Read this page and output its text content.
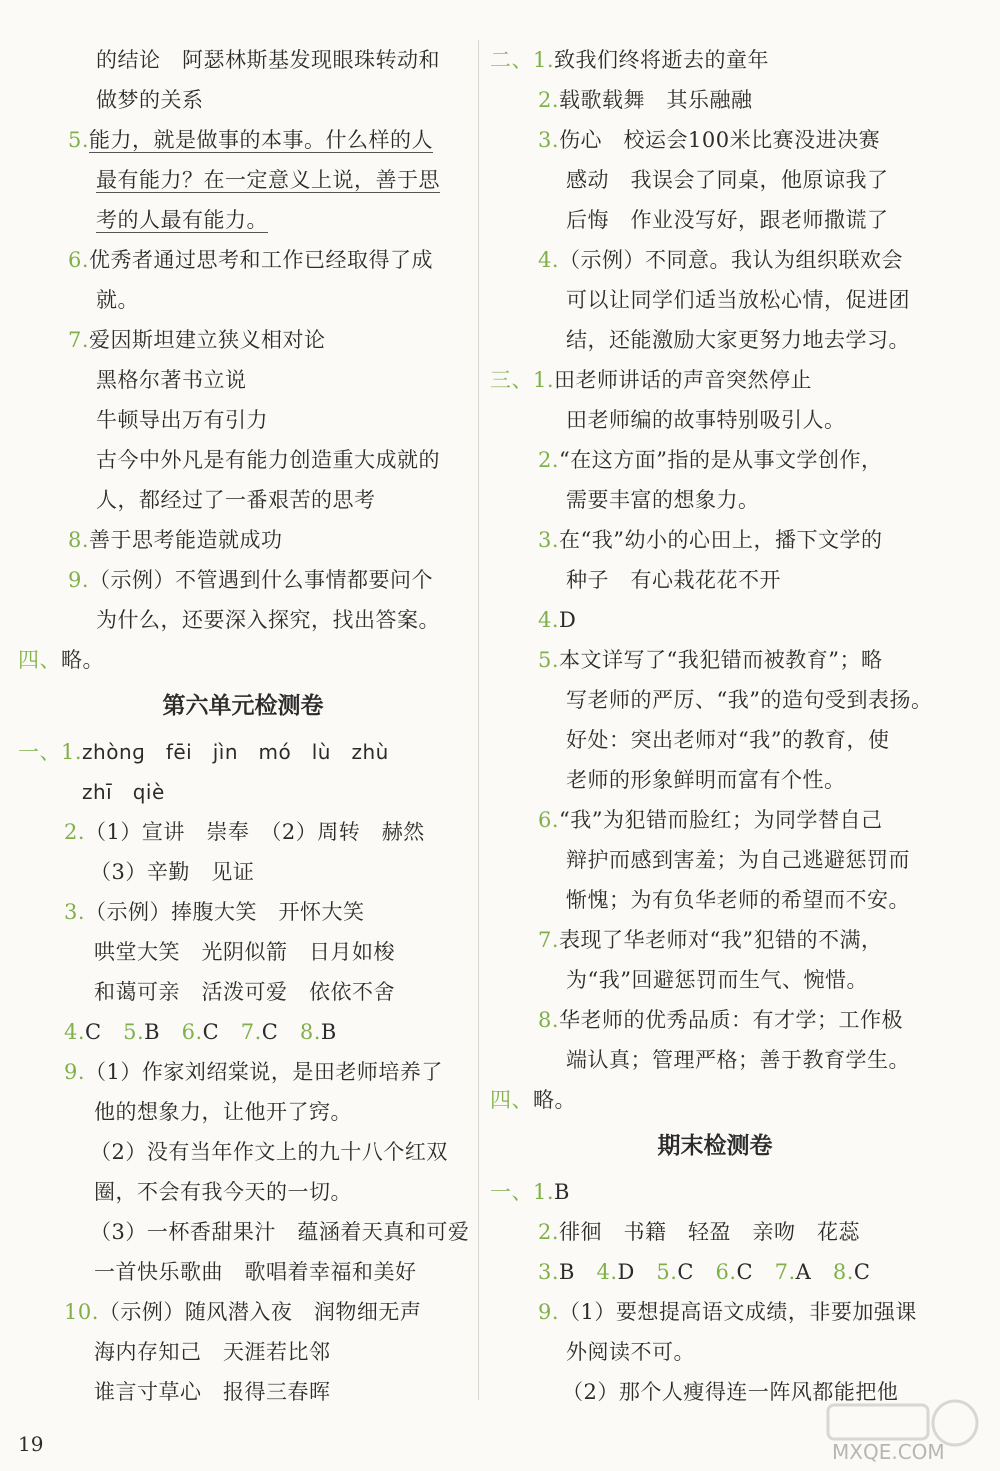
的结论　阿瑟林斯基发现眼珠转动和
做梦的关系
5.能力，就是做事的本事。什么样的人
最有能力？在一定意义上说，善于思
考的人最有能力。
6.优秀者通过思考和工作已经取得了成
就。
7.爱因斯坦建立狭义相对论
黑格尔著书立说
牛顿导出万有引力
古今中外凡是有能力创造重大成就的
人，都经过了一番艰苦的思考
8.善于思考能造就成功
9.（示例）不管遇到什么事情都要问个
为什么，还要深入探究，找出答案。
四、略。
第六单元检测卷
一、1.zhònɡ　fēi　jìn　mó　lù　zhù
zhī　qiè
2.（1）宣讲　崇奉　（2）周转　赫然
（3）辛勤　见证
3.（示例）捧腹大笑　开怀大笑
哄堂大笑　光阴似箭　日月如梭
和蔼可亲　活泼可爱　依依不舍
4.C　5.B　6.C　7.C　8.B
9.（1）作家刘绍棠说，是田老师培养了
他的想象力，让他开了窍。
（2）没有当年作文上的九十八个红双
圈，不会有我今天的一切。
（3）一杯香甜果汁　蕴涵着天真和可爱
一首快乐歌曲　歌唱着幸福和美好
10.（示例）随风潜入夜　润物细无声
海内存知己　天涯若比邻
谁言寸草心　报得三春晖
二、1.致我们终将逝去的童年
2.载歌载舞　其乐融融
3.伤心　校运会100米比赛没进决赛
感动　我误会了同桌，他原谅我了
后悔　作业没写好，跟老师撒谎了
4.（示例）不同意。我认为组织联欢会
可以让同学们适当放松心情，促进团
结，还能激励大家更努力地去学习。
三、1.田老师讲话的声音突然停止
田老师编的故事特别吸引人。
2.“在这方面”指的是从事文学创作，
需要丰富的想象力。
3.在“我”幼小的心田上，播下文学的
种子　有心栽花花不开
4.D
5.本文详写了“我犯错而被教育”；略
写老师的严厉、“我”的造句受到表扬。
好处：突出老师对“我”的教育，使
老师的形象鲜明而富有个性。
6.“我”为犯错而脸红；为同学替自己
辩护而感到害羞；为自己逃避惩罚而
惭愧；为有负华老师的希望而不安。
7.表现了华老师对“我”犯错的不满，
为“我”回避惩罚而生气、惋惜。
8.华老师的优秀品质：有才学；工作极
端认真；管理严格；善于教育学生。
四、略。
期末检测卷
一、1.B
2.徘徊　书籍　轻盈　亲吻　花蕊
3.B　4.D　5.C　6.C　7.A　8.C
9.（1）要想提高语文成绩，非要加强课
外阅读不可。
（2）那个人瘦得连一阵风都能把他
19	MXQE.COM
